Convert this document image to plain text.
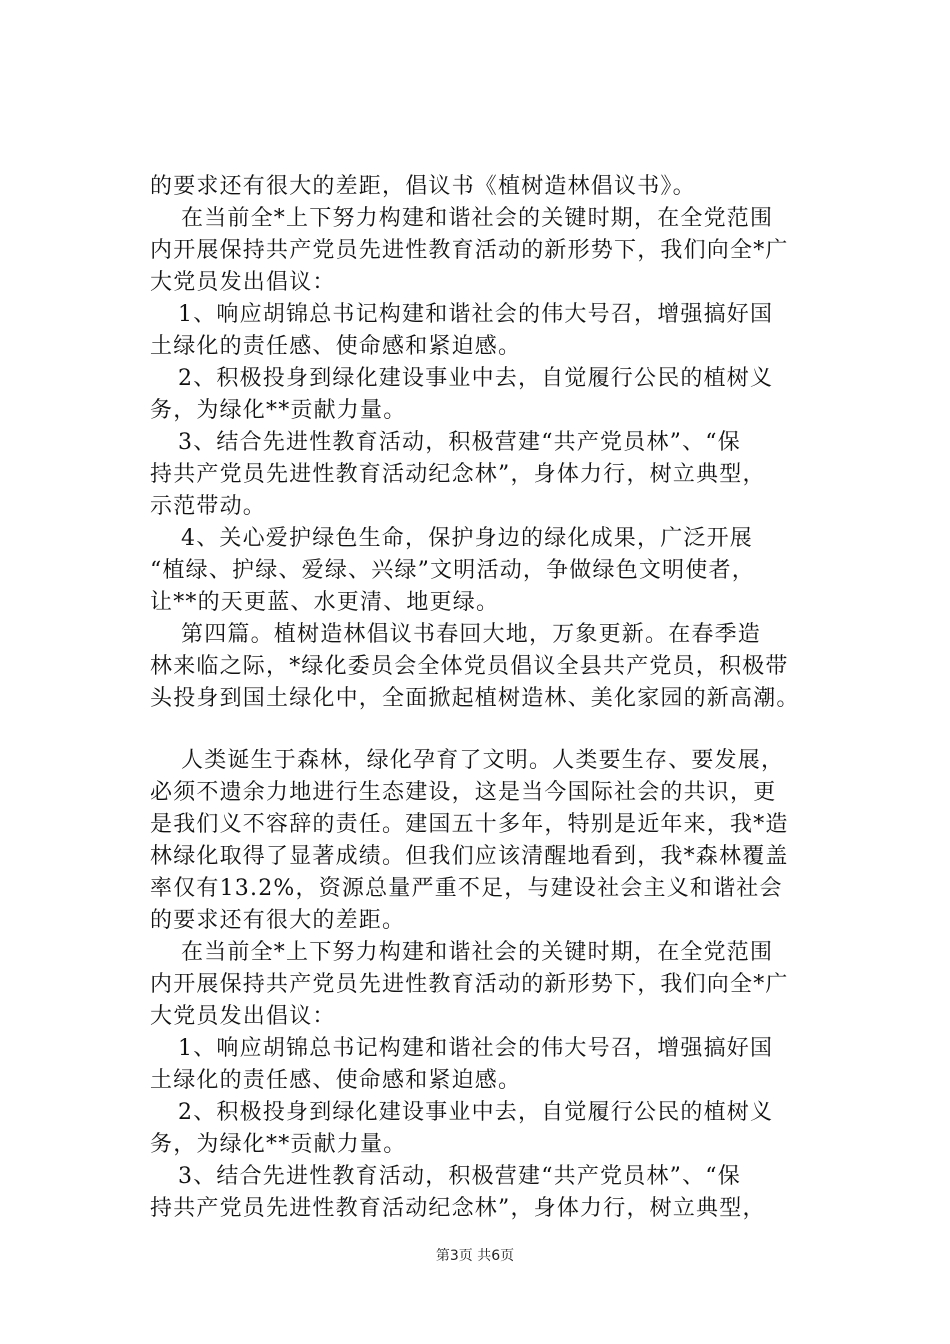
的要求还有很大的差距，倡议书《植树造林倡议书》。
在当前全*上下努力构建和谐社会的关键时期，在全党范围
内开展保持共产党员先进性教育活动的新形势下，我们向全*广
大党员发出倡议：
1、响应胡锦总书记构建和谐社会的伟大号召，增强搞好国
土绿化的责任感、使命感和紧迫感。
2、积极投身到绿化建设事业中去，自觉履行公民的植树义
务，为绿化**贡献力量。
3、结合先进性教育活动，积极营建“共产党员林”、“保
持共产党员先进性教育活动纪念林”，身体力行，树立典型，
示范带动。
4、关心爱护绿色生命，保护身边的绿化成果，广泛开展
“植绿、护绿、爱绿、兴绿”文明活动，争做绿色文明使者，
让**的天更蓝、水更清、地更绿。
第四篇。植树造林倡议书春回大地，万象更新。在春季造
林来临之际，*绿化委员会全体党员倡议全县共产党员，积极带
头投身到国土绿化中，全面掀起植树造林、美化家园的新高潮。
人类诞生于森林，绿化孕育了文明。人类要生存、要发展，
必须不遗余力地进行生态建设，这是当今国际社会的共识，更
是我们义不容辞的责任。建国五十多年，特别是近年来，我*造
林绿化取得了显著成绩。但我们应该清醒地看到，我*森林覆盖
率仅有13.2%，资源总量严重不足，与建设社会主义和谐社会
的要求还有很大的差距。
在当前全*上下努力构建和谐社会的关键时期，在全党范围
内开展保持共产党员先进性教育活动的新形势下，我们向全*广
大党员发出倡议：
1、响应胡锦总书记构建和谐社会的伟大号召，增强搞好国
土绿化的责任感、使命感和紧迫感。
2、积极投身到绿化建设事业中去，自觉履行公民的植树义
务，为绿化**贡献力量。
3、结合先进性教育活动，积极营建“共产党员林”、“保
持共产党员先进性教育活动纪念林”，身体力行，树立典型，
第3页 共6页
